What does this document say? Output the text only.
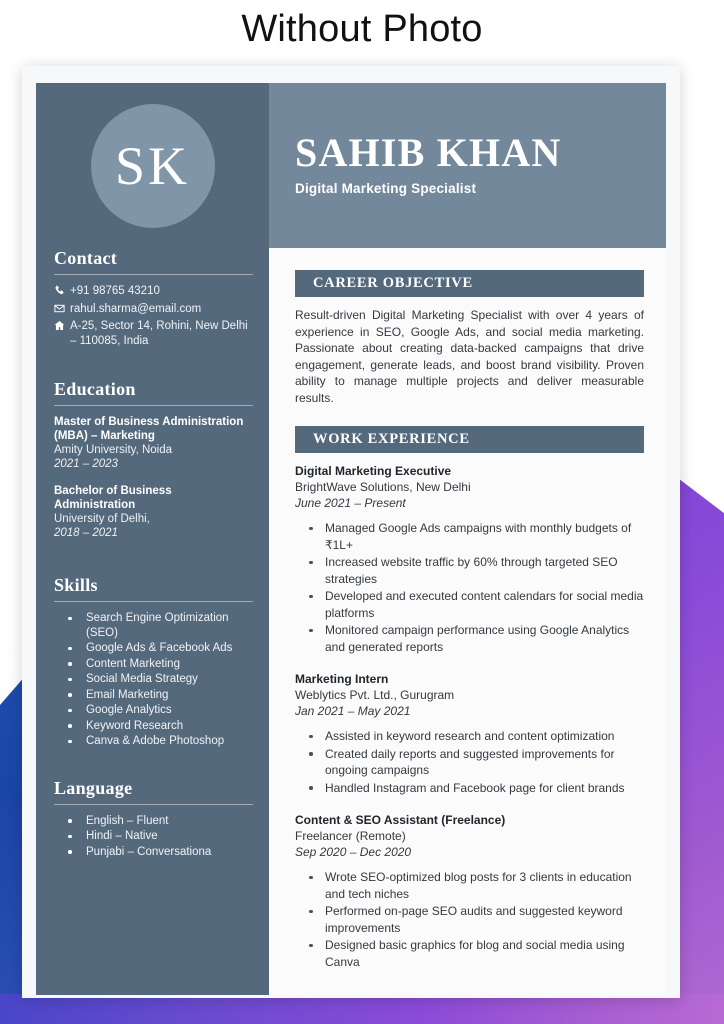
Without Photo
SK
Contact
+91 98765 43210
rahul.sharma@email.com
A-25, Sector 14, Rohini, New Delhi – 110085, India
Education
Master of Business Administration (MBA) – Marketing
Amity University, Noida
2021 – 2023
Bachelor of Business Administration
University of Delhi,
2018 – 2021
Skills
Search Engine Optimization (SEO)
Google Ads & Facebook Ads
Content Marketing
Social Media Strategy
Email Marketing
Google Analytics
Keyword Research
Canva & Adobe Photoshop
Language
English – Fluent
Hindi – Native
Punjabi – Conversationa
SAHIB KHAN
Digital Marketing Specialist
CAREER OBJECTIVE

Result-driven Digital Marketing Specialist with over 4 years of experience in SEO, Google Ads, and social media marketing. Passionate about creating data-backed campaigns that drive engagement, generate leads, and boost brand visibility. Proven ability to manage multiple projects and deliver measurable results.

WORK EXPERIENCE
Digital Marketing Executive
BrightWave Solutions, New Delhi
June 2021 – Present
Managed Google Ads campaigns with monthly budgets of ₹1L+
Increased website traffic by 60% through targeted SEO strategies
Developed and executed content calendars for social media platforms
Monitored campaign performance using Google Analytics and generated reports
Marketing Intern
Weblytics Pvt. Ltd., Gurugram
Jan 2021 – May 2021
Assisted in keyword research and content optimization
Created daily reports and suggested improvements for ongoing campaigns
Handled Instagram and Facebook page for client brands
Content & SEO Assistant (Freelance)
Freelancer (Remote)
Sep 2020 – Dec 2020
Wrote SEO-optimized blog posts for 3 clients in education and tech niches
Performed on-page SEO audits and suggested keyword improvements
Designed basic graphics for blog and social media using Canva
